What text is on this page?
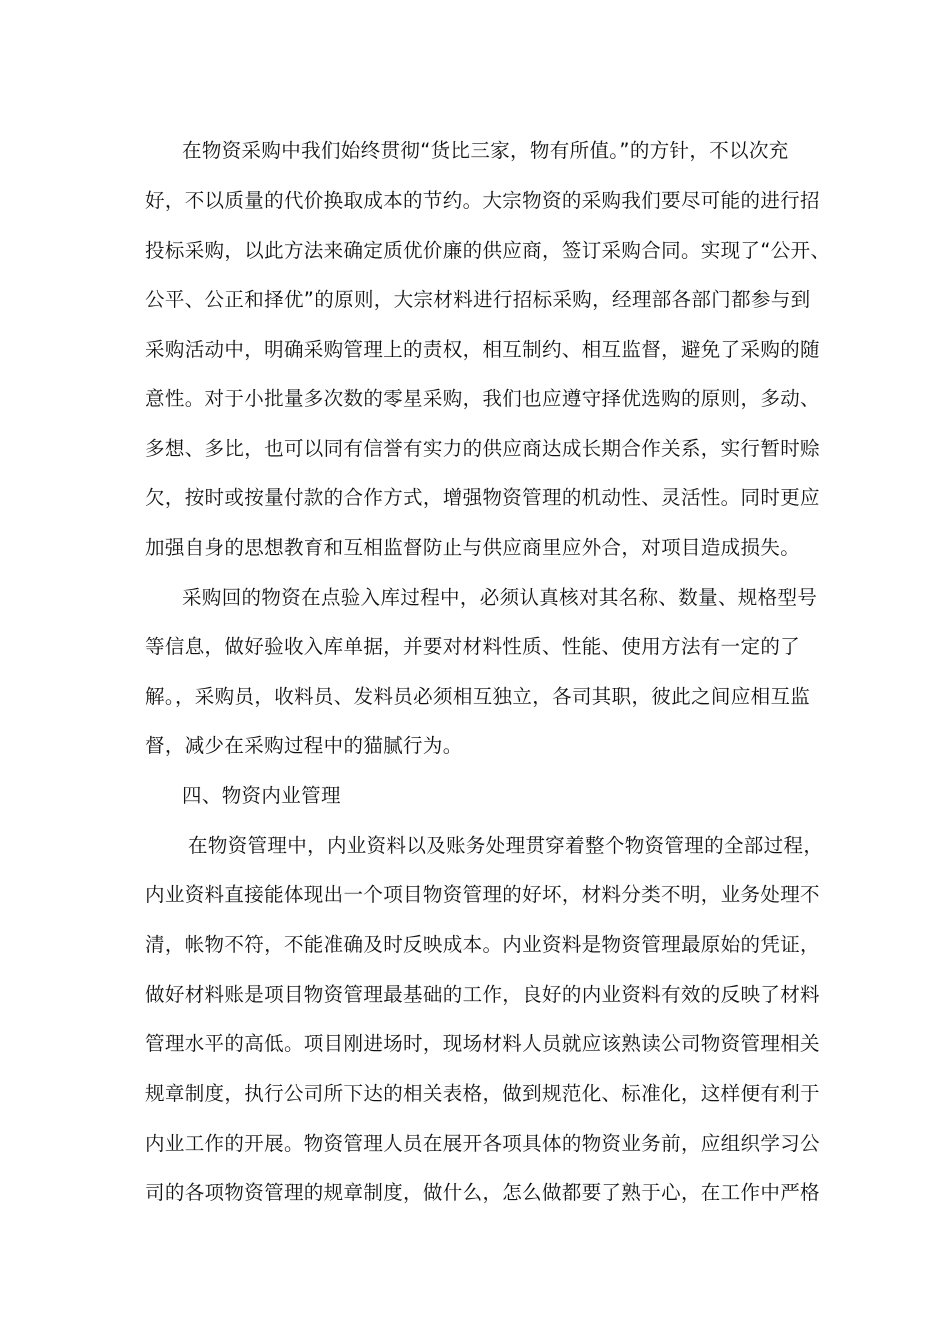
在物资采购中我们始终贯彻“货比三家，物有所值。”的方针，不以次充
好，不以质量的代价换取成本的节约。大宗物资的采购我们要尽可能的进行招
投标采购，以此方法来确定质优价廉的供应商，签订采购合同。实现了“公开、
公平、公正和择优”的原则，大宗材料进行招标采购，经理部各部门都参与到
采购活动中，明确采购管理上的责权，相互制约、相互监督，避免了采购的随
意性。对于小批量多次数的零星采购，我们也应遵守择优选购的原则，多动、
多想、多比，也可以同有信誉有实力的供应商达成长期合作关系，实行暂时赊
欠，按时或按量付款的合作方式，增强物资管理的机动性、灵活性。同时更应
加强自身的思想教育和互相监督防止与供应商里应外合，对项目造成损失。
采购回的物资在点验入库过程中，必须认真核对其名称、数量、规格型号
等信息，做好验收入库单据，并要对材料性质、性能、使用方法有一定的了
解。，采购员，收料员、发料员必须相互独立，各司其职，彼此之间应相互监
督，减少在采购过程中的猫腻行为。
四、物资内业管理
在物资管理中，内业资料以及账务处理贯穿着整个物资管理的全部过程，
内业资料直接能体现出一个项目物资管理的好坏，材料分类不明，业务处理不
清，帐物不符，不能准确及时反映成本。内业资料是物资管理最原始的凭证，
做好材料账是项目物资管理最基础的工作，良好的内业资料有效的反映了材料
管理水平的高低。项目刚进场时，现场材料人员就应该熟读公司物资管理相关
规章制度，执行公司所下达的相关表格，做到规范化、标准化，这样便有利于
内业工作的开展。物资管理人员在展开各项具体的物资业务前，应组织学习公
司的各项物资管理的规章制度，做什么，怎么做都要了熟于心，在工作中严格
